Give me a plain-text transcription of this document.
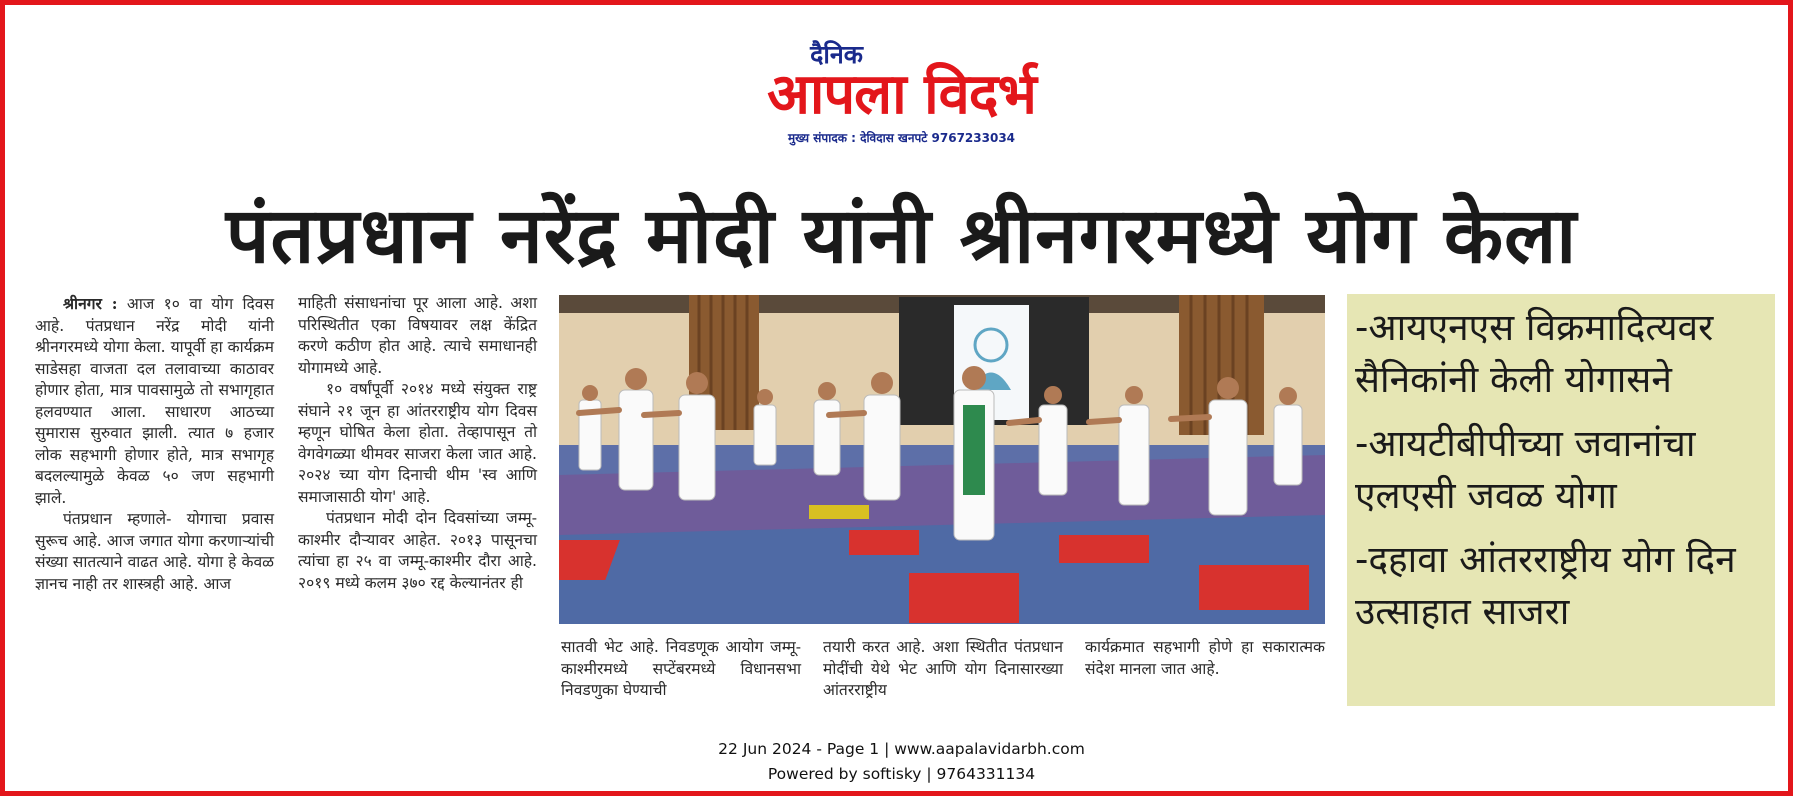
दैनिक
आपला विदर्भ
मुख्य संपादक : देविदास खनपटे 9767233034
पंतप्रधान नरेंद्र मोदी यांनी श्रीनगरमध्ये योग केला

श्रीनगर : आज १० वा योग दिवस आहे. पंतप्रधान नरेंद्र मोदी यांनी श्रीनगरमध्ये योगा केला. यापूर्वी हा कार्यक्रम साडेसहा वाजता दल तलावाच्या काठावर होणार होता, मात्र पावसामुळे तो सभागृहात हलवण्यात आला. साधारण आठच्या सुमारास सुरुवात झाली. त्यात ७ हजार लोक सहभागी होणार होते, मात्र सभागृह बदलल्यामुळे केवळ ५० जण सहभागी झाले.

पंतप्रधान म्हणाले- योगाचा प्रवास सुरूच आहे. आज जगात योगा करणाऱ्यांची संख्या सातत्याने वाढत आहे. योगा हे केवळ ज्ञानच नाही तर शास्त्रही आहे. आज

माहिती संसाधनांचा पूर आला आहे. अशा परिस्थितीत एका विषयावर लक्ष केंद्रित करणे कठीण होत आहे. त्याचे समाधानही योगामध्ये आहे.

१० वर्षांपूर्वी २०१४ मध्ये संयुक्त राष्ट्र संघाने २१ जून हा आंतरराष्ट्रीय योग दिवस म्हणून घोषित केला होता. तेव्हापासून तो वेगवेगळ्या थीमवर साजरा केला जात आहे. २०२४ च्या योग दिनाची थीम 'स्व आणि समाजासाठी योग' आहे.

पंतप्रधान मोदी दोन दिवसांच्या जम्मू-काश्मीर दौऱ्यावर आहेत. २०१३ पासूनचा त्यांचा हा २५ वा जम्मू-काश्मीर दौरा आहे. २०१९ मध्ये कलम ३७० रद्द केल्यानंतर ही

सातवी भेट आहे. निवडणूक आयोग जम्मू-काश्मीरमध्ये सप्टेंबरमध्ये विधानसभा निवडणुका घेण्याची
तयारी करत आहे. अशा स्थितीत पंतप्रधान मोदींची येथे भेट आणि योग दिनासारख्या आंतरराष्ट्रीय
कार्यक्रमात सहभागी होणे हा सकारात्मक संदेश मानला जात आहे.
-आयएनएस विक्रमादित्यवर सैनिकांनी केली योगासने
-आयटीबीपीच्या जवानांचा एलएसी जवळ योगा
-दहावा आंतरराष्ट्रीय योग दिन उत्साहात साजरा
22 Jun 2024 - Page 1 | www.aapalavidarbh.com
Powered by softisky | 9764331134
